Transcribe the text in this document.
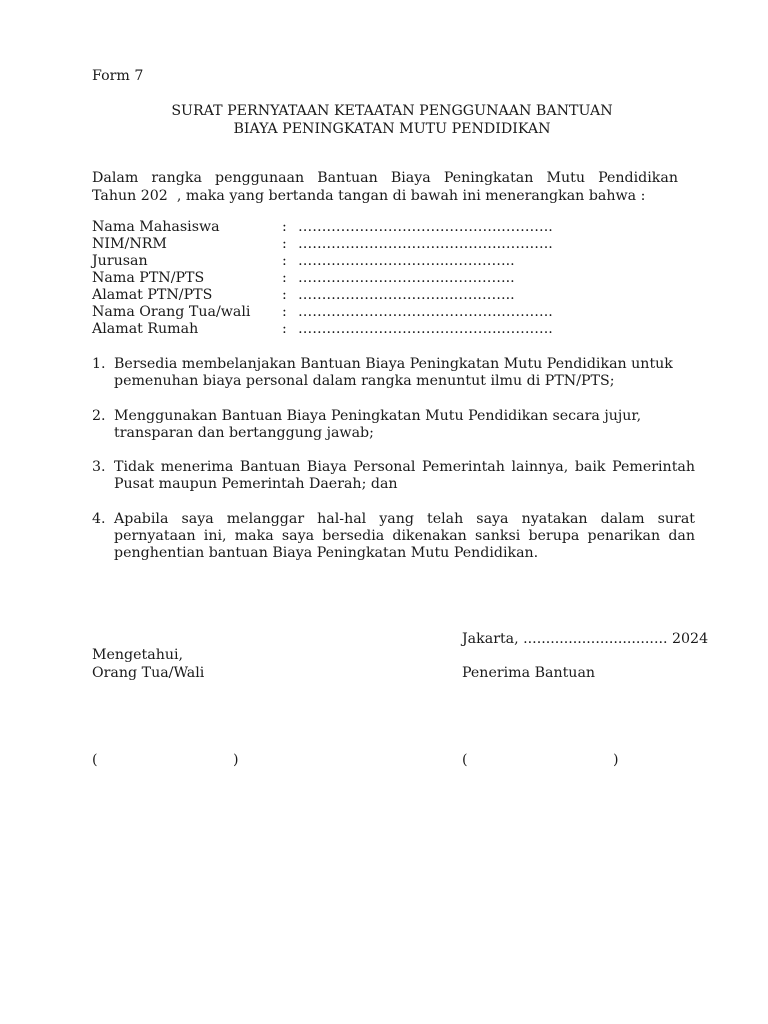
Form 7
SURAT PERNYATAAN KETAATAN PENGGUNAAN BANTUAN
BIAYA PENINGKATAN MUTU PENDIDIKAN
Dalam rangka penggunaan Bantuan Biaya Peningkatan Mutu Pendidikan
Tahun 202  , maka yang bertanda tangan di bawah ini menerangkan bahwa :
Nama Mahasiswa	: …………………………………….………..
NIM/NRM	: …………………………………….………..
Jurusan	: …………………………..…………..
Nama PTN/PTS	: …………………………..…………..
Alamat PTN/PTS	: …………………………..…………..
Nama Orang Tua/wali	: …………………………………….………..
Alamat Rumah	: …………………………………….………..
1. Bersedia membelanjakan Bantuan Biaya Peningkatan Mutu Pendidikan untuk pemenuhan biaya personal dalam rangka menuntut ilmu di PTN/PTS;
2. Menggunakan Bantuan Biaya Peningkatan Mutu Pendidikan secara jujur, transparan dan bertanggung jawab;
3. Tidak menerima Bantuan Biaya Personal Pemerintah lainnya, baik Pemerintah Pusat maupun Pemerintah Daerah; dan
4. Apabila saya melanggar hal-hal yang telah saya nyatakan dalam surat pernyataan ini, maka saya bersedia dikenakan sanksi berupa penarikan dan penghentian bantuan Biaya Peningkatan Mutu Pendidikan.
Jakarta, ................................ 2024
Mengetahui,
Orang Tua/Wali	Penerima Bantuan
(	)	(	)
